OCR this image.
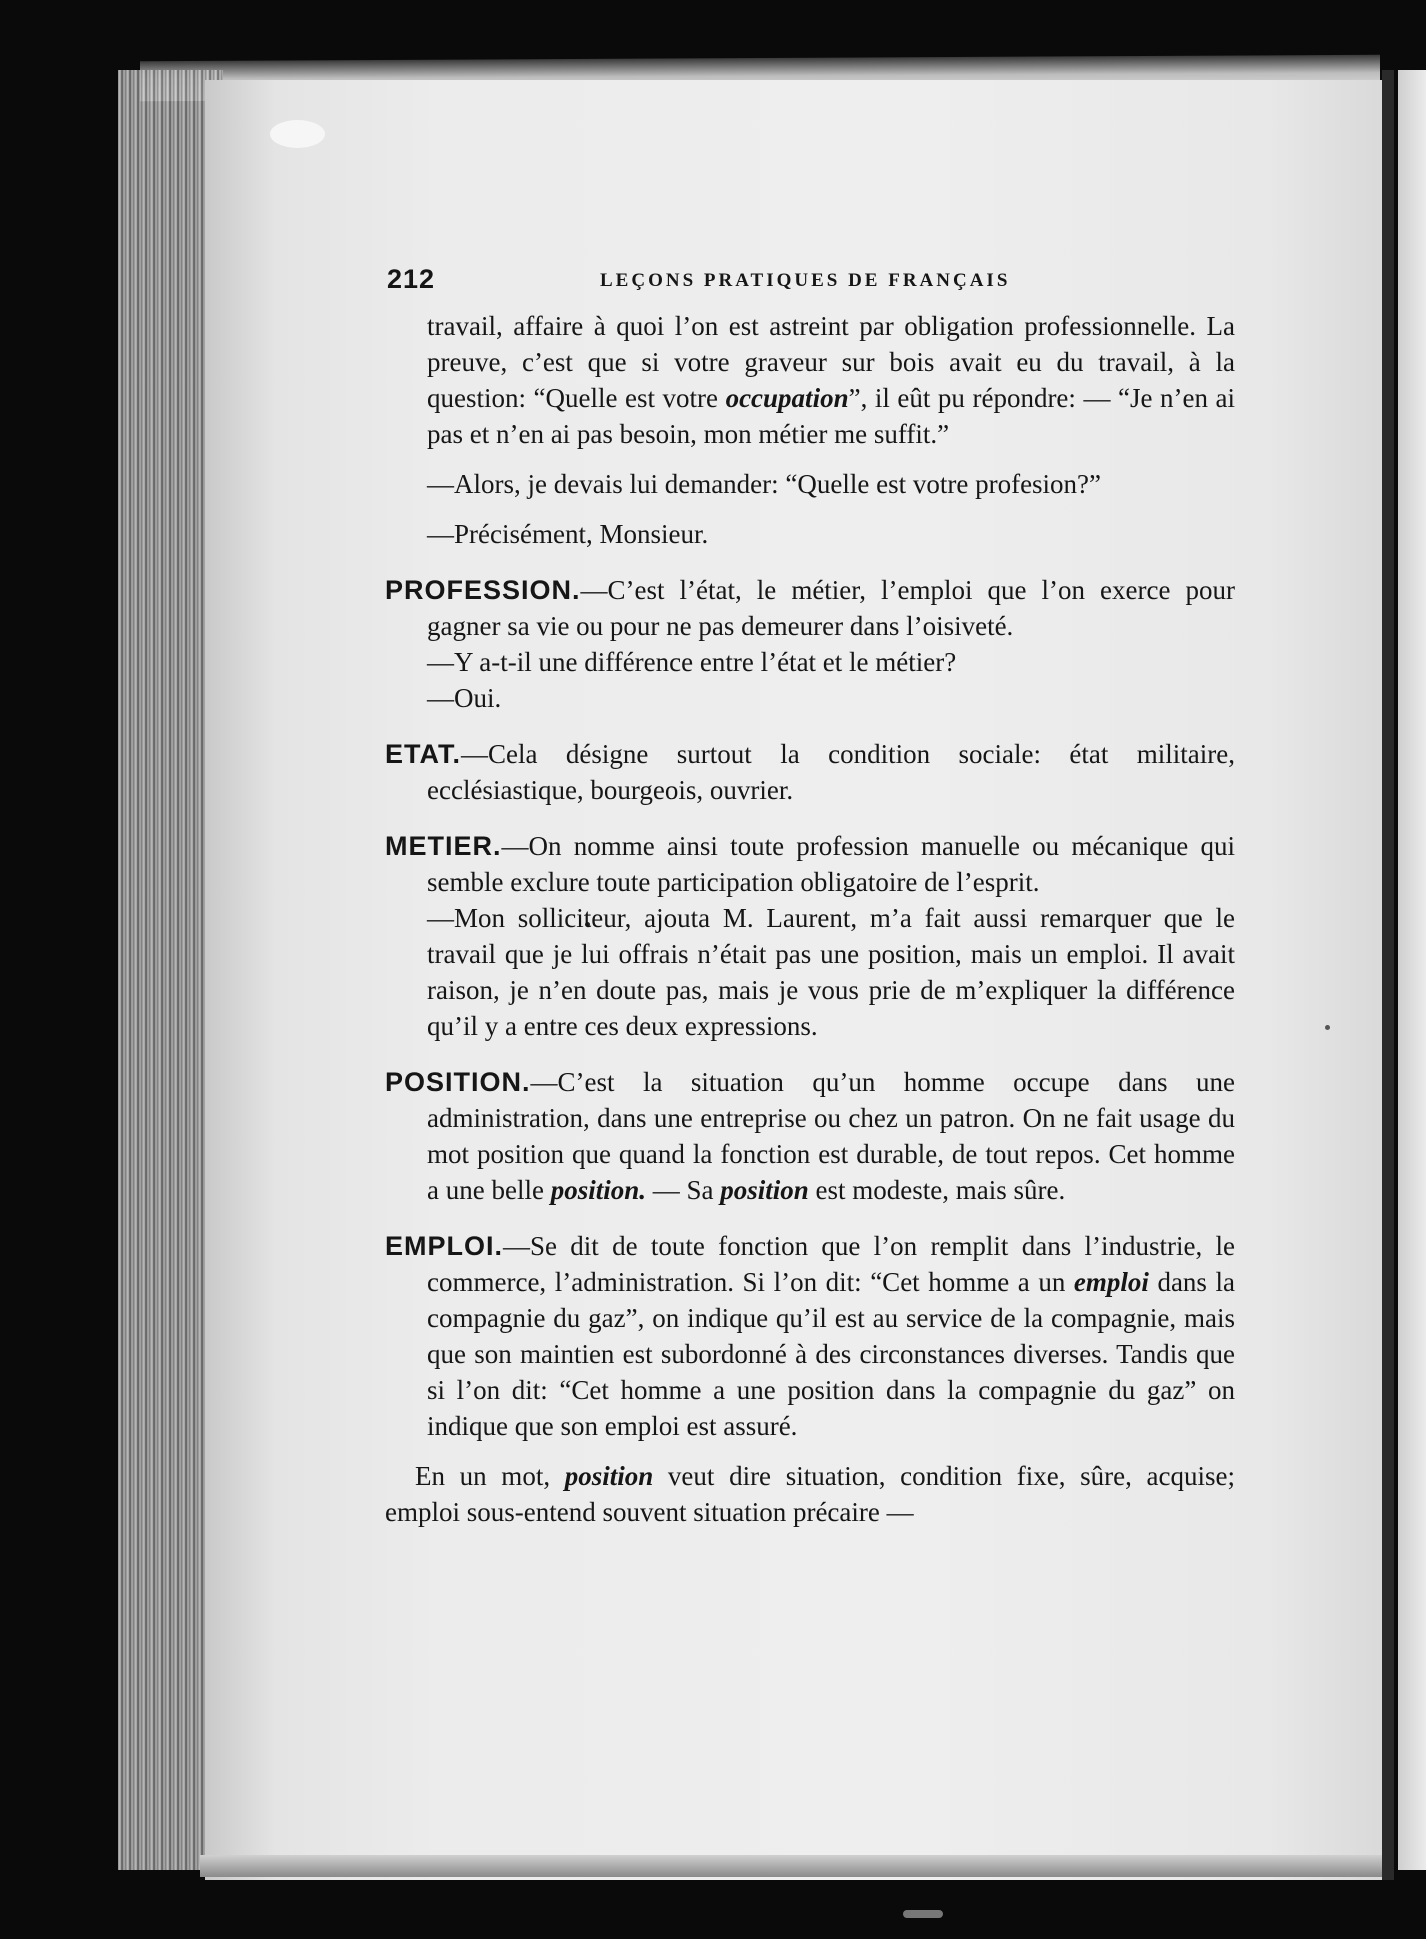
212	LEÇONS PRATIQUES DE FRANÇAIS

travail, affaire à quoi l’on est astreint par obligation professionnelle. La preuve, c’est que si votre graveur sur bois avait eu du travail, à la question: “Quelle est votre occupation”, il eût pu répondre: — “Je n’en ai pas et n’en ai pas besoin, mon métier me suffit.”

—Alors, je devais lui demander: “Quelle est votre profesion?”

—Précisément, Monsieur.

PROFESSION.—C’est l’état, le métier, l’emploi que l’on exerce pour gagner sa vie ou pour ne pas demeurer dans l’oisiveté.

—Y a-t-il une différence entre l’état et le métier?

—Oui.

ETAT.—Cela désigne surtout la condition sociale: état militaire, ecclésiastique, bourgeois, ouvrier.

METIER.—On nomme ainsi toute profession manuelle ou mécanique qui semble exclure toute participation obligatoire de l’esprit.

—Mon solliciteur, ajouta M. Laurent, m’a fait aussi remarquer que le travail que je lui offrais n’était pas une position, mais un emploi. Il avait raison, je n’en doute pas, mais je vous prie de m’expliquer la différence qu’il y a entre ces deux expressions.

POSITION.—C’est la situation qu’un homme occupe dans une administration, dans une entreprise ou chez un patron. On ne fait usage du mot position que quand la fonction est durable, de tout repos. Cet homme a une belle position. — Sa position est modeste, mais sûre.

EMPLOI.—Se dit de toute fonction que l’on remplit dans l’industrie, le commerce, l’administration. Si l’on dit: “Cet homme a un emploi dans la compagnie du gaz”, on indique qu’il est au service de la compagnie, mais que son maintien est subordonné à des circonstances diverses. Tandis que si l’on dit: “Cet homme a une position dans la compagnie du gaz” on indique que son emploi est assuré.

En un mot, position veut dire situation, condition fixe, sûre, acquise; emploi sous-entend souvent situation précaire —
